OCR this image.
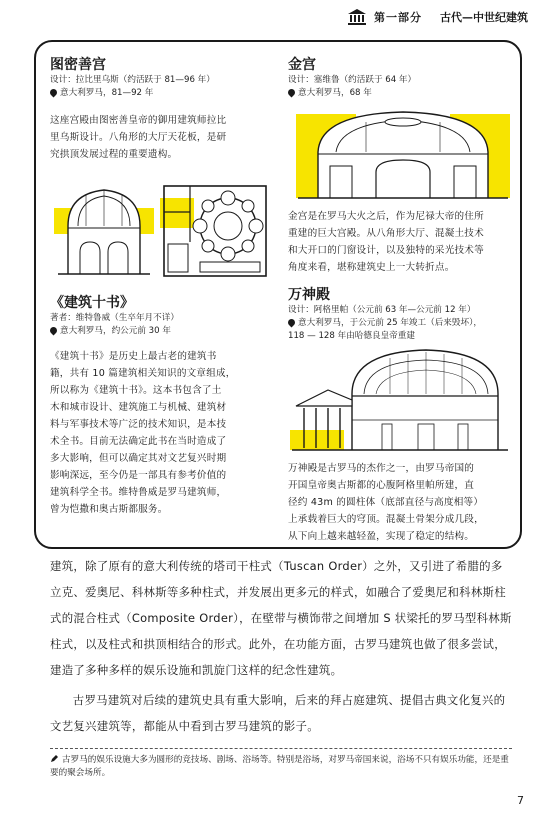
第一部分 古代—中世纪建筑
图密善宫
设计：拉比里乌斯（约活跃于 81—96 年）
意大利罗马，81—92 年
这座宫殿由图密善皇帝的御用建筑师拉比
里乌斯设计。八角形的大厅天花板，是研
究拱顶发展过程的重要遗构。
《建筑十书》
著者：维特鲁威（生卒年月不详）
意大利罗马，约公元前 30 年
《建筑十书》是历史上最古老的建筑书
籍，共有 10 篇建筑相关知识的文章组成，
所以称为《建筑十书》。这本书包含了土
木和城市设计、建筑施工与机械、建筑材
料与军事技术等广泛的技术知识，是本技
术全书。目前无法确定此书在当时造成了
多大影响，但可以确定其对文艺复兴时期
影响深远，至今仍是一部具有参考价值的
建筑科学全书。维特鲁威是罗马建筑师，
曾为恺撒和奥古斯都服务。
金宫
设计：塞维鲁（约活跃于 64 年）
意大利罗马，68 年
金宫是在罗马大火之后，作为尼禄大帝的住所
重建的巨大宫殿。从八角形大厅、混凝土技术
和大开口的门窗设计，以及独特的采光技术等
角度来看，堪称建筑史上一大转折点。
万神殿
设计：阿格里帕（公元前 63 年—公元前 12 年）
意大利罗马，于公元前 25 年竣工（后来毁坏），
118 — 128 年由哈德良皇帝重建
万神殿是古罗马的杰作之一，由罗马帝国的
开国皇帝奥古斯都的心腹阿格里帕所建，直
径约 43m 的圆柱体（底部直径与高度相等）
上承载着巨大的穹顶。混凝土骨架分成几段，
从下向上越来越轻盈，实现了稳定的结构。

建筑，除了原有的意大利传统的塔司干柱式（Tuscan Order）之外，又引进了希腊的多立克、爱奥尼、科林斯等多种柱式，并发展出更多元的样式，如融合了爱奥尼和科林斯柱式的混合柱式（Composite Order），在壁带与横饰带之间增加 S 状梁托的罗马型科林斯柱式，以及柱式和拱顶相结合的形式。此外，在功能方面，古罗马建筑也做了很多尝试，建造了多种多样的娱乐设施和凯旋门这样的纪念性建筑。

古罗马建筑对后续的建筑史具有重大影响，后来的拜占庭建筑、提倡古典文化复兴的文艺复兴建筑等，都能从中看到古罗马建筑的影子。

古罗马的娱乐设施大多为圆形的竞技场、剧场、浴场等。特别是浴场，对罗马帝国来说，浴场不只有娱乐功能，还是重要的聚会场所。
7
